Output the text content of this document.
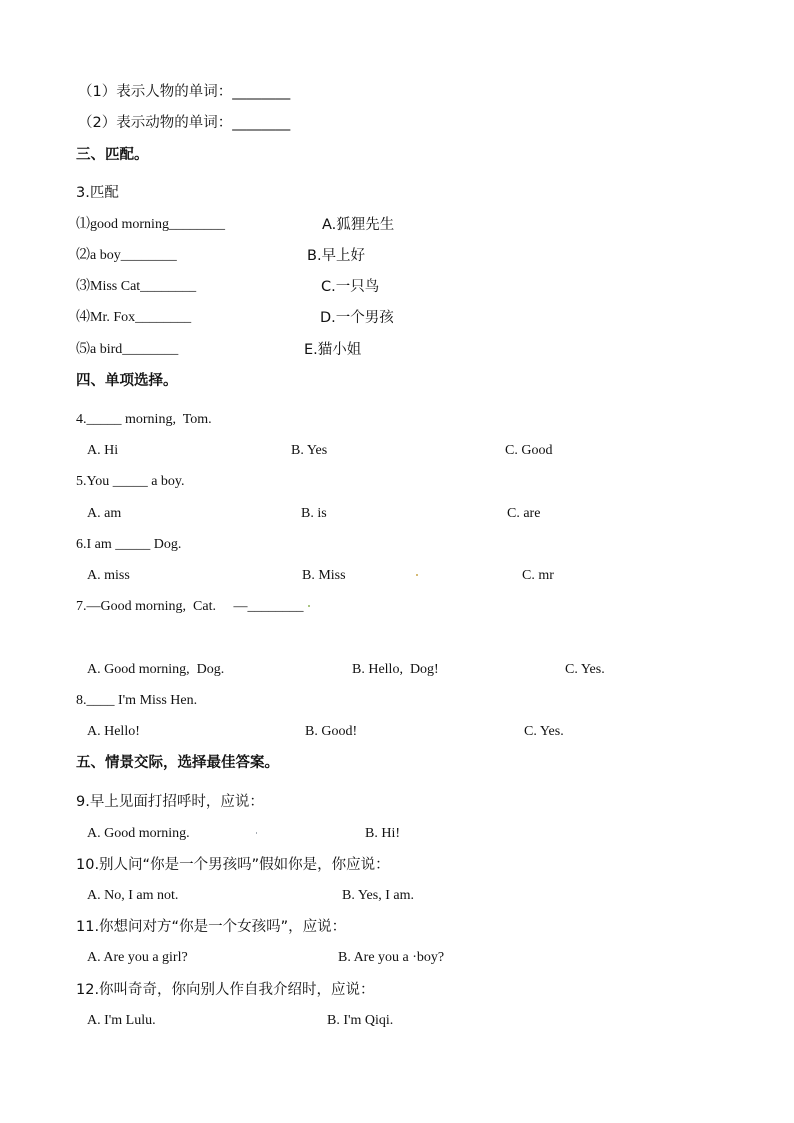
（1）表示人物的单词：________
（2）表示动物的单词：________
三、匹配。
3.匹配
⑴good morning________	A.狐狸先生
⑵a boy________	B.早上好
⑶Miss Cat________	C.一只鸟
⑷Mr. Fox________	D.一个男孩
⑸a bird________	E.猫小姐
四、单项选择。
4._____ morning,  Tom.
A. Hi	B. Yes	C. Good
5.You _____ a boy.
A. am	B. is	C. are
6.I am _____ Dog.
A. miss	B. Miss	C. mr
7.—Good morning,  Cat.     —________
A. Good morning,  Dog.	B. Hello,  Dog!	C. Yes.
8.____ I'm Miss Hen.
A. Hello!	B. Good!	C. Yes.
五、情景交际，选择最佳答案。
9.早上见面打招呼时，应说：
A. Good morning.	B. Hi!
10.别人问“你是一个男孩吗”假如你是，你应说：
A. No, I am not.	B. Yes, I am.
11.你想问对方“你是一个女孩吗”，应说：
A. Are you a girl?	B. Are you a ·boy?
12.你叫奇奇，你向别人作自我介绍时，应说：
A. I'm Lulu.	B. I'm Qiqi.
